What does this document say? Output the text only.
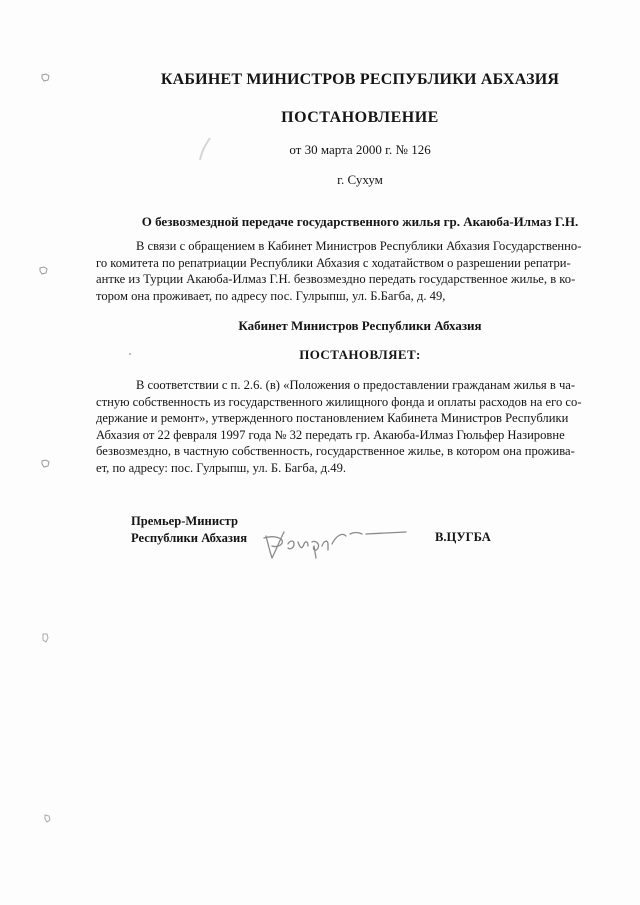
КАБИНЕТ МИНИСТРОВ РЕСПУБЛИКИ АБХАЗИЯ
ПОСТАНОВЛЕНИЕ
от 30 марта 2000 г. № 126
г. Сухум
О безвозмездной передаче государственного жилья гр. Акаюба-Илмаз Г.Н.
В связи с обращением в Кабинет Министров Республики Абхазия Государственно-
го комитета по репатриации Республики Абхазия с ходатайством о разрешении репатри-
антке из Турции Акаюба-Илмаз Г.Н. безвозмездно передать государственное жилье, в ко-
тором она проживает, по адресу пос. Гулрыпш, ул. Б.Багба, д. 49,
Кабинет Министров Республики Абхазия
ПОСТАНОВЛЯЕТ:
В соответствии с п. 2.6. (в) «Положения о предоставлении гражданам жилья в ча-
стную собственность из государственного жилищного фонда и оплаты расходов на его со-
держание и ремонт», утвержденного постановлением Кабинета Министров Республики
Абхазия от 22 февраля 1997 года № 32 передать гр. Акаюба-Илмаз Гюльфер Назировне
безвозмездно, в частную собственность, государственное жилье, в котором она прожива-
ет, по адресу: пос. Гулрыпш, ул. Б. Багба, д.49.
Премьер-Министр
Республики Абхазия	В.ЦУГБА
